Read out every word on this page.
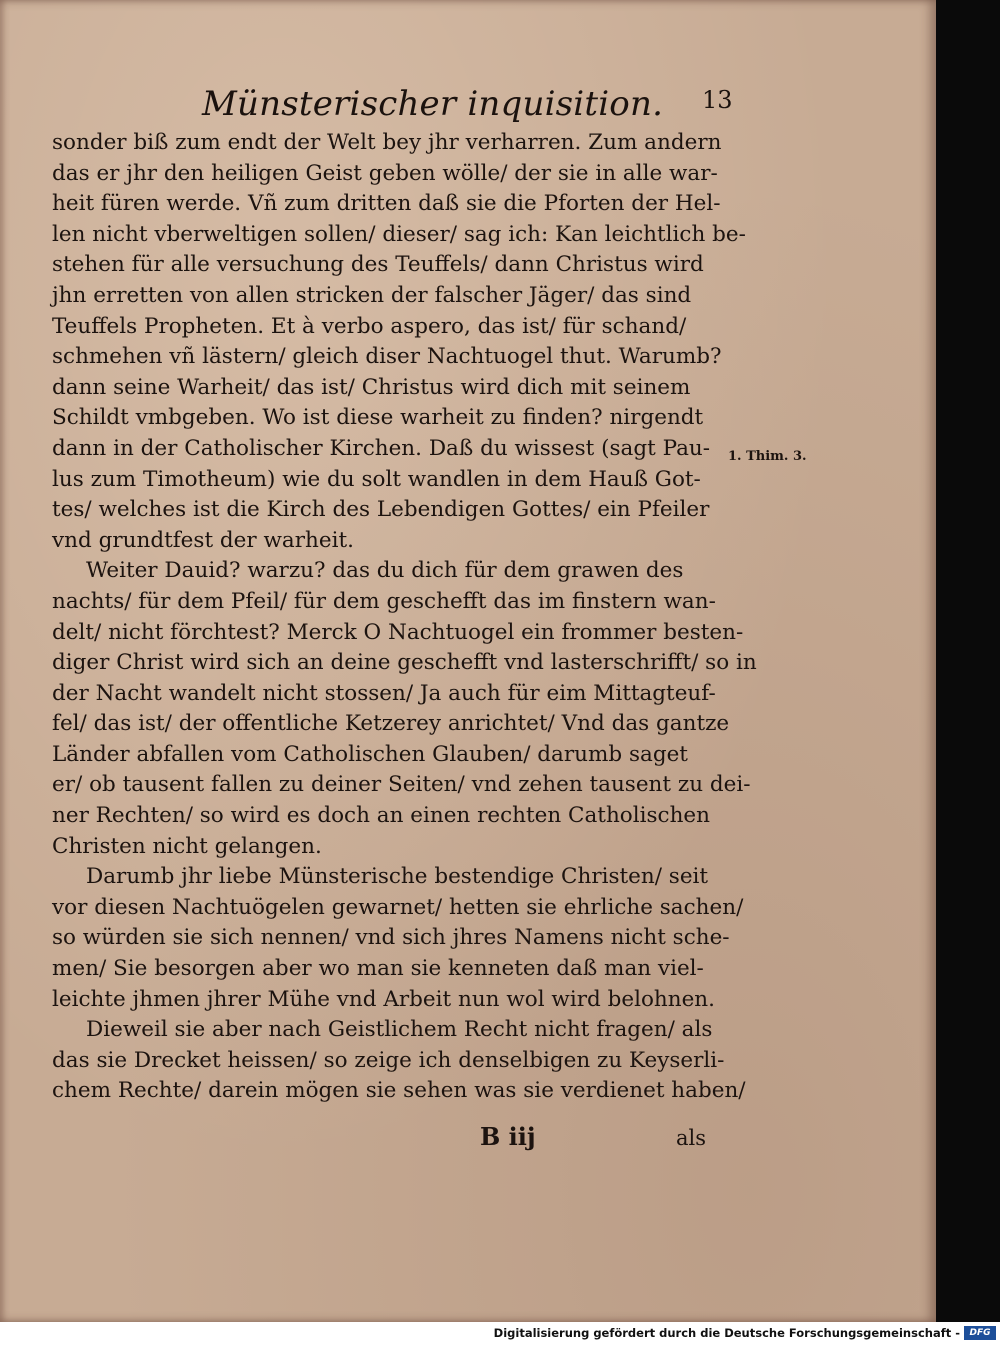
Münsterischer inquisition. 13
sonder biß zum endt der Welt bey jhr verharren. Zum andern
das er jhr den heiligen Geist geben wölle/ der sie in alle war-
heit füren werde. Vñ zum dritten daß sie die Pforten der Hel-
len nicht vberweltigen sollen/ dieser/ sag ich: Kan leichtlich be-
stehen für alle versuchung des Teuffels/ dann Christus wird
jhn erretten von allen stricken der falscher Jäger/ das sind
Teuffels Propheten. Et à verbo aspero, das ist/ für schand/
schmehen vñ lästern/ gleich diser Nachtuogel thut. Warumb?
dann seine Warheit/ das ist/ Christus wird dich mit seinem
Schildt vmbgeben. Wo ist diese warheit zu finden? nirgendt
dann in der Catholischer Kirchen. Daß du wissest (sagt Pau-
lus zum Timotheum) wie du solt wandlen in dem Hauß Got-
tes/ welches ist die Kirch des Lebendigen Gottes/ ein Pfeiler
vnd grundtfest der warheit.
Weiter Dauid? warzu? das du dich für dem grawen des
nachts/ für dem Pfeil/ für dem geschefft das im finstern wan-
delt/ nicht förchtest? Merck O Nachtuogel ein frommer besten-
diger Christ wird sich an deine geschefft vnd lasterschrifft/ so in
der Nacht wandelt nicht stossen/ Ja auch für eim Mittagteuf-
fel/ das ist/ der offentliche Ketzerey anrichtet/ Vnd das gantze
Länder abfallen vom Catholischen Glauben/ darumb saget
er/ ob tausent fallen zu deiner Seiten/ vnd zehen tausent zu dei-
ner Rechten/ so wird es doch an einen rechten Catholischen
Christen nicht gelangen.
Darumb jhr liebe Münsterische bestendige Christen/ seit
vor diesen Nachtuögelen gewarnet/ hetten sie ehrliche sachen/
so würden sie sich nennen/ vnd sich jhres Namens nicht sche-
men/ Sie besorgen aber wo man sie kenneten daß man viel-
leichte jhmen jhrer Mühe vnd Arbeit nun wol wird belohnen.
Dieweil sie aber nach Geistlichem Recht nicht fragen/ als
das sie Drecket heissen/ so zeige ich denselbigen zu Keyserli-
chem Rechte/ darein mögen sie sehen was sie verdienet haben/
1. Thim. 3.
B iij	als
Digitalisierung gefördert durch die Deutsche Forschungsgemeinschaft -	DFG
